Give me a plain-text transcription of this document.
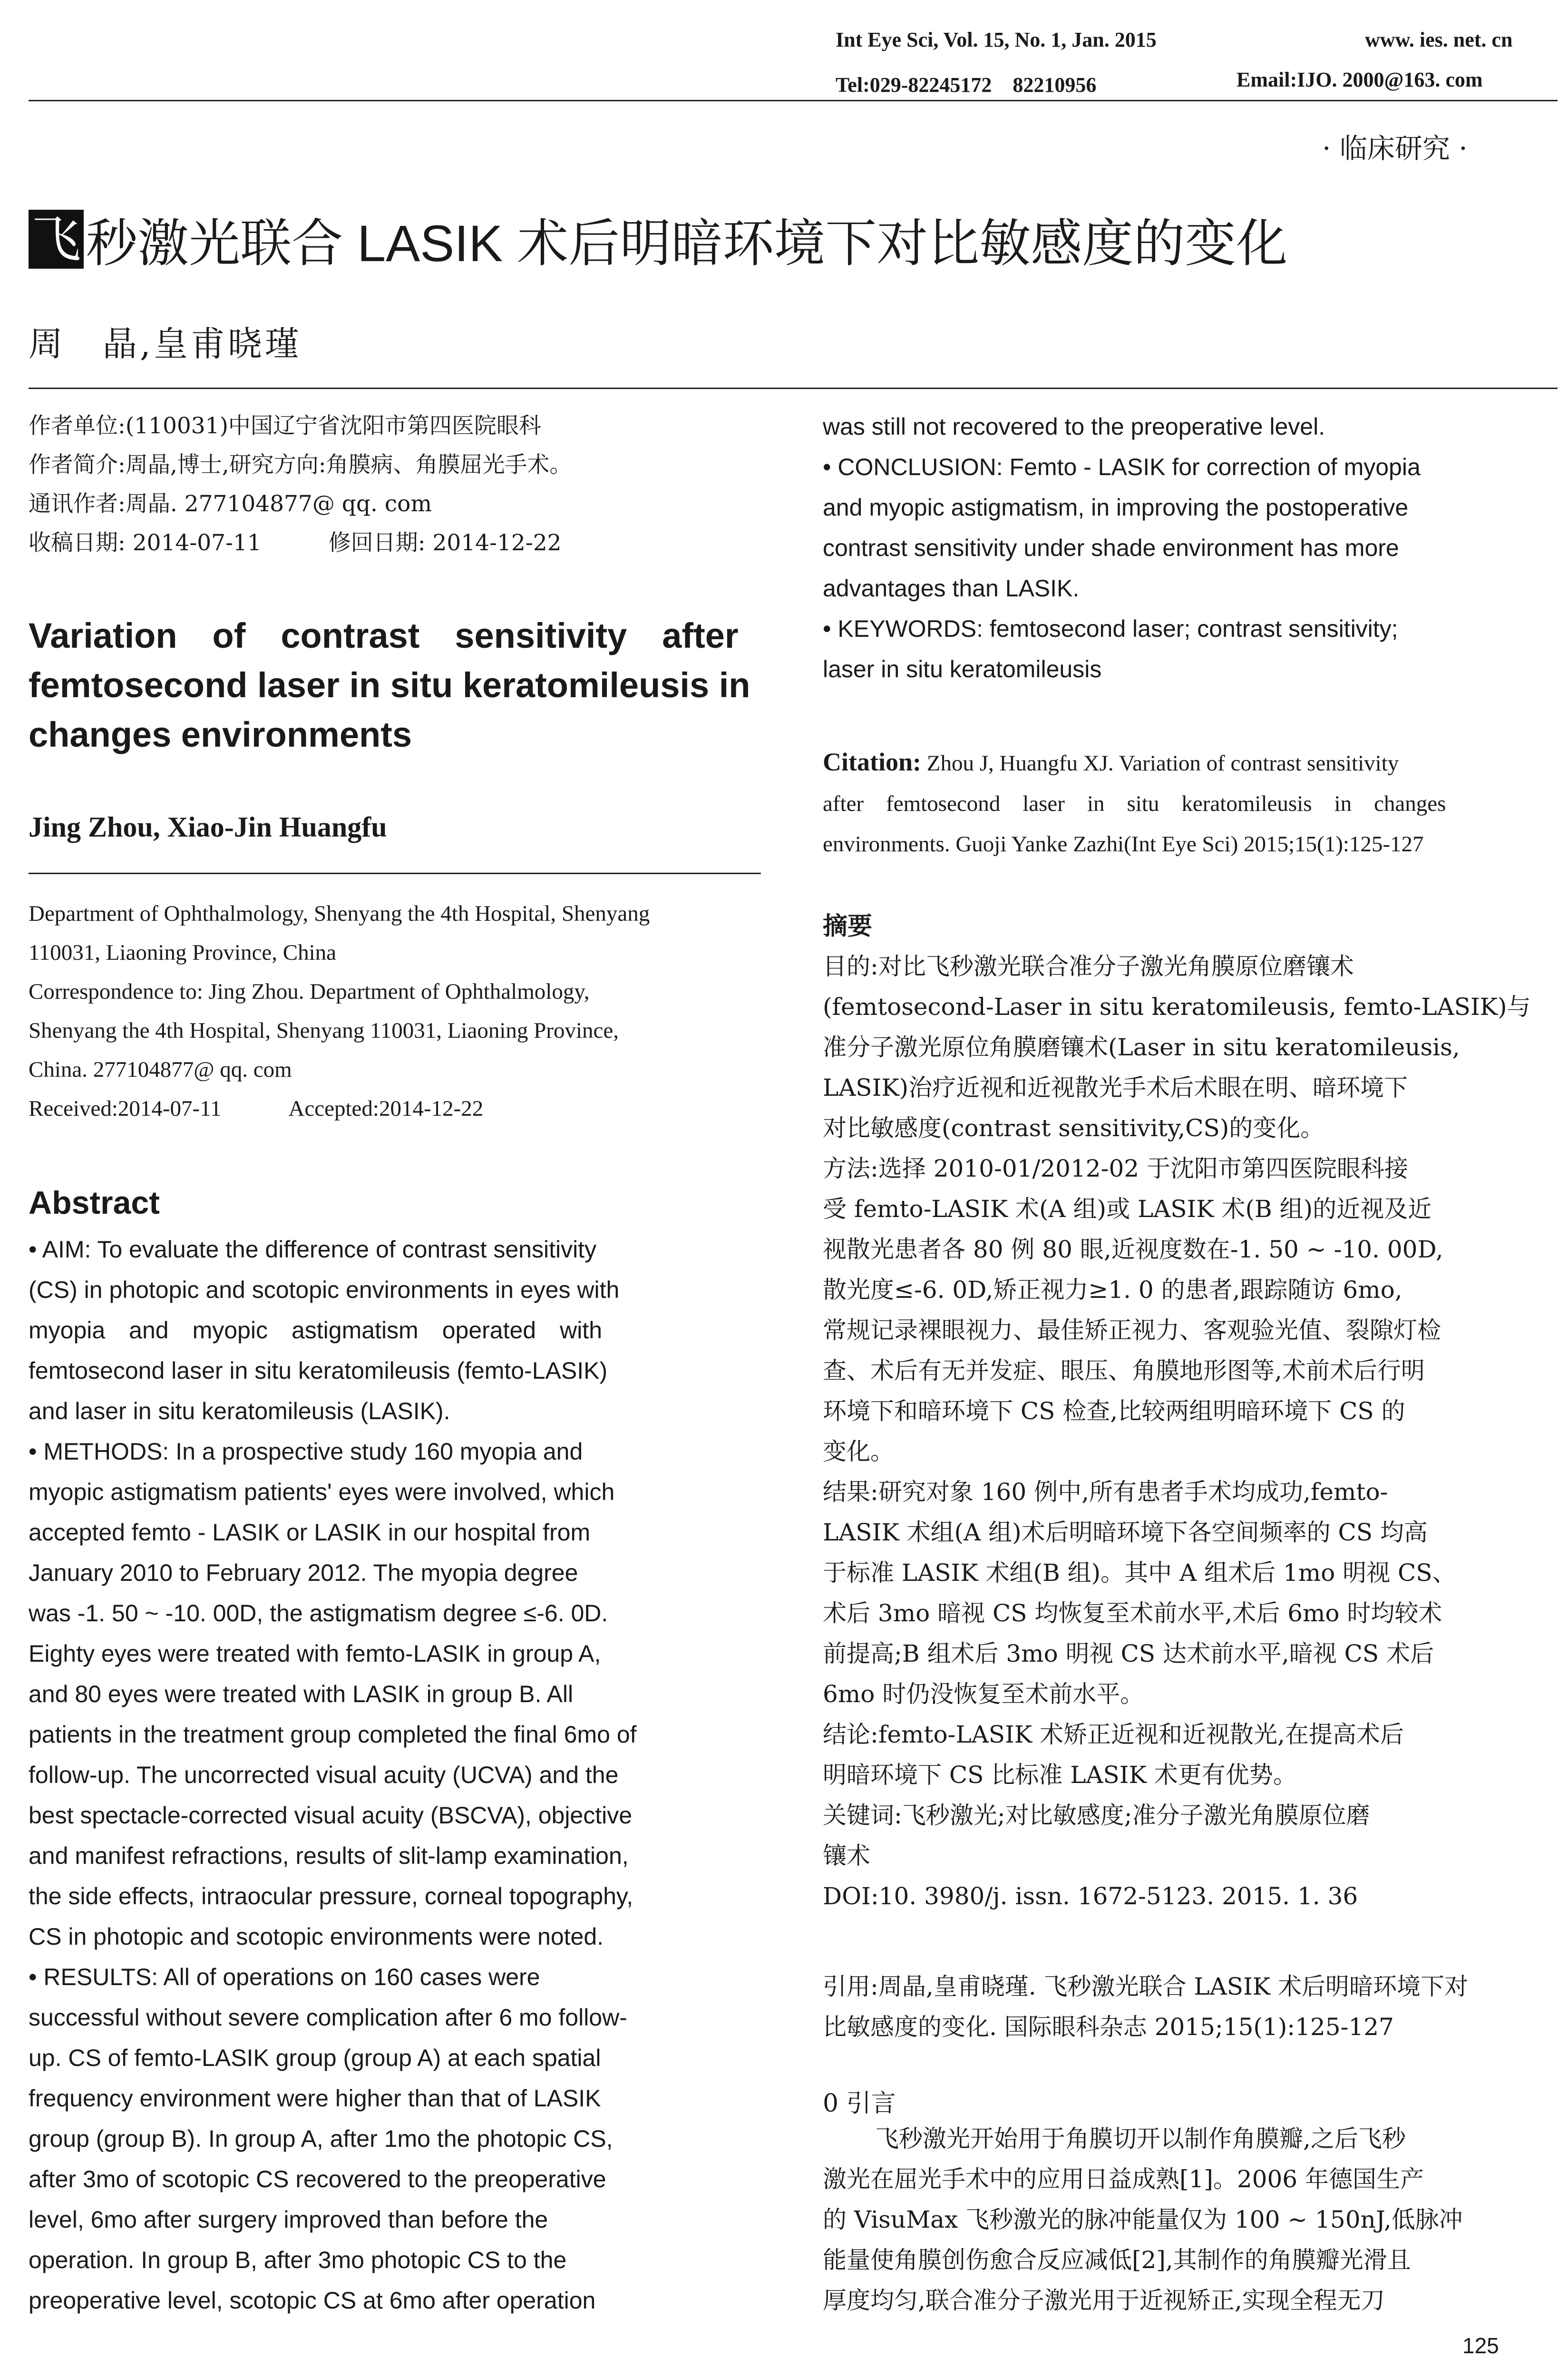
Int Eye Sci, Vol. 15, No. 1, Jan. 2015	www. ies. net. cn
Tel:029-82245172　82210956	Email:IJO. 2000@163. com
· 临床研究 ·
飞 秒激光联合 LASIK 术后明暗环境下对比敏感度的变化
周　晶,皇甫晓瑾
作者单位:(110031)中国辽宁省沈阳市第四医院眼科
作者简介:周晶,博士,研究方向:角膜病、角膜屈光手术。
通讯作者:周晶. 277104877@ qq. com
收稿日期: 2014-07-11　　　修回日期: 2014-12-22
Variation　of　contrast　sensitivity　after
femtosecond laser in situ keratomileusis in
changes environments
Jing Zhou, Xiao-Jin Huangfu
Department of Ophthalmology, Shenyang the 4th Hospital, Shenyang
110031, Liaoning Province, China
Correspondence to: Jing Zhou. Department of Ophthalmology,
Shenyang the 4th Hospital, Shenyang 110031, Liaoning Province,
China. 277104877@ qq. com
Received:2014-07-11　　　Accepted:2014-12-22
Abstract
• AIM: To evaluate the difference of contrast sensitivity
(CS) in photopic and scotopic environments in eyes with
myopia　and　myopic　astigmatism　operated　with
femtosecond laser in situ keratomileusis (femto-LASIK)
and laser in situ keratomileusis (LASIK).
• METHODS: In a prospective study 160 myopia and
myopic astigmatism patients' eyes were involved, which
accepted femto - LASIK or LASIK in our hospital from
January 2010 to February 2012. The myopia degree
was -1. 50 ~ -10. 00D, the astigmatism degree ≤-6. 0D.
Eighty eyes were treated with femto-LASIK in group A,
and 80 eyes were treated with LASIK in group B. All
patients in the treatment group completed the final 6mo of
follow-up. The uncorrected visual acuity (UCVA) and the
best spectacle-corrected visual acuity (BSCVA), objective
and manifest refractions, results of slit-lamp examination,
the side effects, intraocular pressure, corneal topography,
CS in photopic and scotopic environments were noted.
• RESULTS: All of operations on 160 cases were
successful without severe complication after 6 mo follow-
up. CS of femto-LASIK group (group A) at each spatial
frequency environment were higher than that of LASIK
group (group B). In group A, after 1mo the photopic CS,
after 3mo of scotopic CS recovered to the preoperative
level, 6mo after surgery improved than before the
operation. In group B, after 3mo photopic CS to the
preoperative level, scotopic CS at 6mo after operation
was still not recovered to the preoperative level.
• CONCLUSION: Femto - LASIK for correction of myopia
and myopic astigmatism, in improving the postoperative
contrast sensitivity under shade environment has more
advantages than LASIK.
• KEYWORDS: femtosecond laser; contrast sensitivity;
laser in situ keratomileusis
Citation: Zhou J, Huangfu XJ. Variation of contrast sensitivity
after　femtosecond　laser　in　situ　keratomileusis　in　changes
environments. Guoji Yanke Zazhi(Int Eye Sci) 2015;15(1):125-127
摘要
目的:对比飞秒激光联合准分子激光角膜原位磨镶术
(femtosecond-Laser in situ keratomileusis, femto-LASIK)与
准分子激光原位角膜磨镶术(Laser in situ keratomileusis,
LASIK)治疗近视和近视散光手术后术眼在明、暗环境下
对比敏感度(contrast sensitivity,CS)的变化。
方法:选择 2010-01/2012-02 于沈阳市第四医院眼科接
受 femto-LASIK 术(A 组)或 LASIK 术(B 组)的近视及近
视散光患者各 80 例 80 眼,近视度数在-1. 50 ~ -10. 00D,
散光度≤-6. 0D,矫正视力≥1. 0 的患者,跟踪随访 6mo,
常规记录裸眼视力、最佳矫正视力、客观验光值、裂隙灯检
查、术后有无并发症、眼压、角膜地形图等,术前术后行明
环境下和暗环境下 CS 检查,比较两组明暗环境下 CS 的
变化。
结果:研究对象 160 例中,所有患者手术均成功,femto-
LASIK 术组(A 组)术后明暗环境下各空间频率的 CS 均高
于标准 LASIK 术组(B 组)。其中 A 组术后 1mo 明视 CS、
术后 3mo 暗视 CS 均恢复至术前水平,术后 6mo 时均较术
前提高;B 组术后 3mo 明视 CS 达术前水平,暗视 CS 术后
6mo 时仍没恢复至术前水平。
结论:femto-LASIK 术矫正近视和近视散光,在提高术后
明暗环境下 CS 比标准 LASIK 术更有优势。
关键词:飞秒激光;对比敏感度;准分子激光角膜原位磨
镶术
DOI:10. 3980/j. issn. 1672-5123. 2015. 1. 36
引用:周晶,皇甫晓瑾. 飞秒激光联合 LASIK 术后明暗环境下对
比敏感度的变化. 国际眼科杂志 2015;15(1):125-127
0 引言
飞秒激光开始用于角膜切开以制作角膜瓣,之后飞秒
激光在屈光手术中的应用日益成熟[1]。2006 年德国生产
的 VisuMax 飞秒激光的脉冲能量仅为 100 ~ 150nJ,低脉冲
能量使角膜创伤愈合反应减低[2],其制作的角膜瓣光滑且
厚度均匀,联合准分子激光用于近视矫正,实现全程无刀
125
